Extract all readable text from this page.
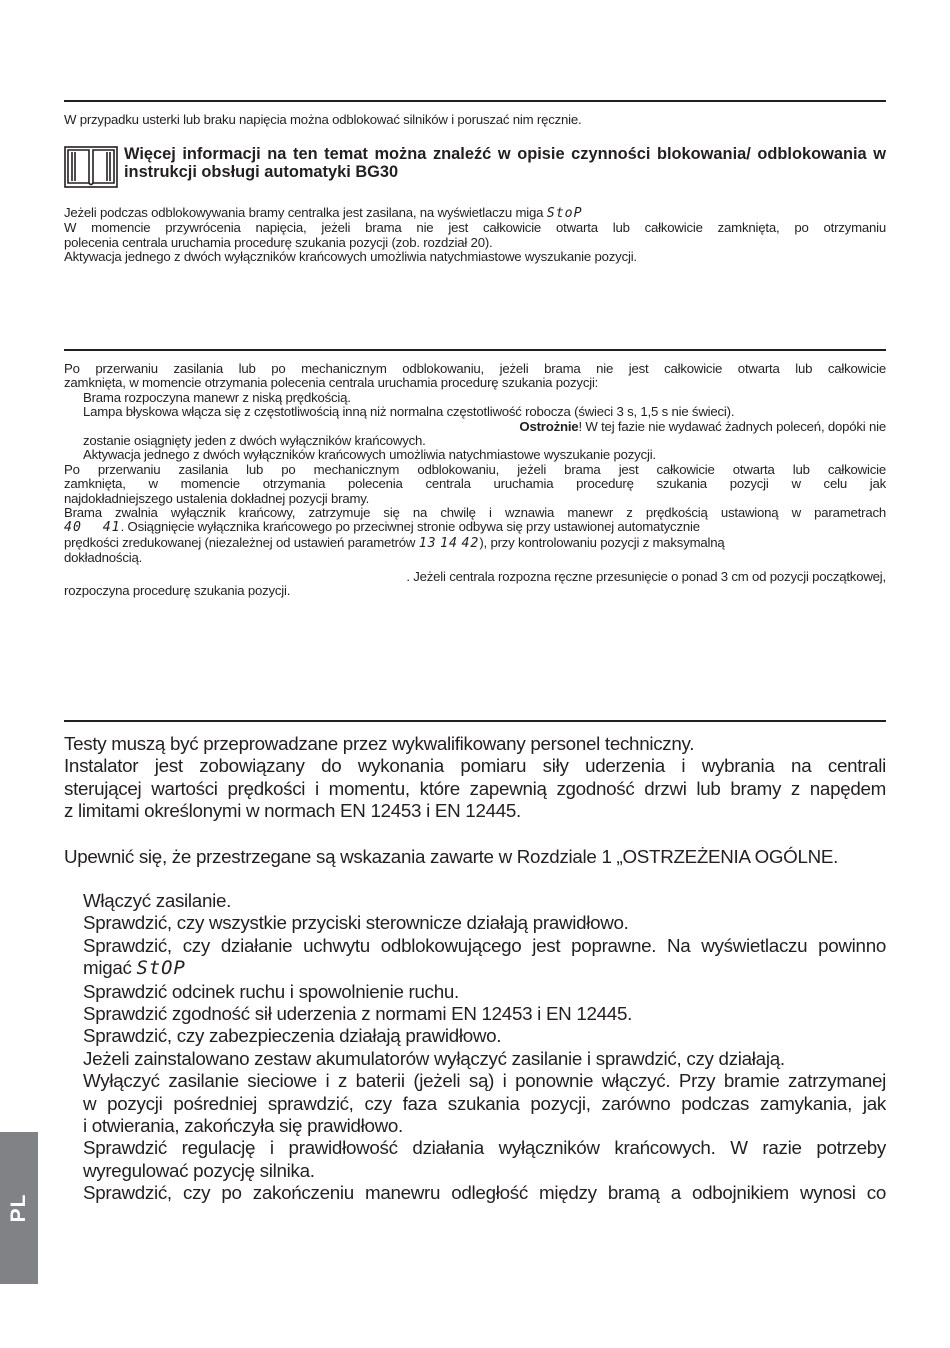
W przypadku usterki lub braku napięcia można odblokować silników i poruszać nim ręcznie.

Więcej informacji na ten temat można znaleźć w opisie czynności blokowania/ odblokowania w instrukcji obsługi automatyki BG30

Jeżeli podczas odblokowywania bramy centralka jest zasilana, na wyświetlaczu miga StoP
W momencie przywrócenia napięcia, jeżeli brama nie jest całkowicie otwarta lub całkowicie zamknięta, po otrzymaniu
polecenia centrala uruchamia procedurę szukania pozycji (zob. rozdział 20).
Aktywacja jednego z dwóch wyłączników krańcowych umożliwia natychmiastowe wyszukanie pozycji.
Po przerwaniu zasilania lub po mechanicznym odblokowaniu, jeżeli brama nie jest całkowicie otwarta lub całkowicie
zamknięta, w momencie otrzymania polecenia centrala uruchamia procedurę szukania pozycji:
Brama rozpoczyna manewr z niską prędkością.
Lampa błyskowa włącza się z częstotliwością inną niż normalna częstotliwość robocza (świeci 3 s, 1,5 s nie świeci).
Ostrożnie! W tej fazie nie wydawać żadnych poleceń, dopóki nie
zostanie osiągnięty jeden z dwóch wyłączników krańcowych.
Aktywacja jednego z dwóch wyłączników krańcowych umożliwia natychmiastowe wyszukanie pozycji.
Po przerwaniu zasilania lub po mechanicznym odblokowaniu, jeżeli brama jest całkowicie otwarta lub całkowicie
zamknięta, w momencie otrzymania polecenia centrala uruchamia procedurę szukania pozycji w celu jak
najdokładniejszego ustalenia dokładnej pozycji bramy.
Brama zwalnia wyłącznik krańcowy, zatrzymuje się na chwilę i wznawia manewr z prędkością ustawioną w parametrach
40 41. Osiągnięcie wyłącznika krańcowego po przeciwnej stronie odbywa się przy ustawionej automatycznie
prędkości zredukowanej (niezależnej od ustawień parametrów 13 14 42), przy kontrolowaniu pozycji z maksymalną
dokładnością.
. Jeżeli centrala rozpozna ręczne przesunięcie o ponad 3 cm od pozycji początkowej,
rozpoczyna procedurę szukania pozycji.
Testy muszą być przeprowadzane przez wykwalifikowany personel techniczny.
Instalator jest zobowiązany do wykonania pomiaru siły uderzenia i wybrania na centrali
sterującej wartości prędkości i momentu, które zapewnią zgodność drzwi lub bramy z napędem
z limitami określonymi w normach EN 12453 i EN 12445.
Upewnić się, że przestrzegane są wskazania zawarte w Rozdziale 1 „OSTRZEŻENIA OGÓLNE.
Włączyć zasilanie.
Sprawdzić, czy wszystkie przyciski sterownicze działają prawidłowo.
Sprawdzić, czy działanie uchwytu odblokowującego jest poprawne. Na wyświetlaczu powinno
migać StOP
Sprawdzić odcinek ruchu i spowolnienie ruchu.
Sprawdzić zgodność sił uderzenia z normami EN 12453 i EN 12445.
Sprawdzić, czy zabezpieczenia działają prawidłowo.
Jeżeli zainstalowano zestaw akumulatorów wyłączyć zasilanie i sprawdzić, czy działają.
Wyłączyć zasilanie sieciowe i z baterii (jeżeli są) i ponownie włączyć. Przy bramie zatrzymanej
w pozycji pośredniej sprawdzić, czy faza szukania pozycji, zarówno podczas zamykania, jak
i otwierania, zakończyła się prawidłowo.
Sprawdzić regulację i prawidłowość działania wyłączników krańcowych. W razie potrzeby
wyregulować pozycję silnika.
Sprawdzić, czy po zakończeniu manewru odległość między bramą a odbojnikiem wynosi co
PL
